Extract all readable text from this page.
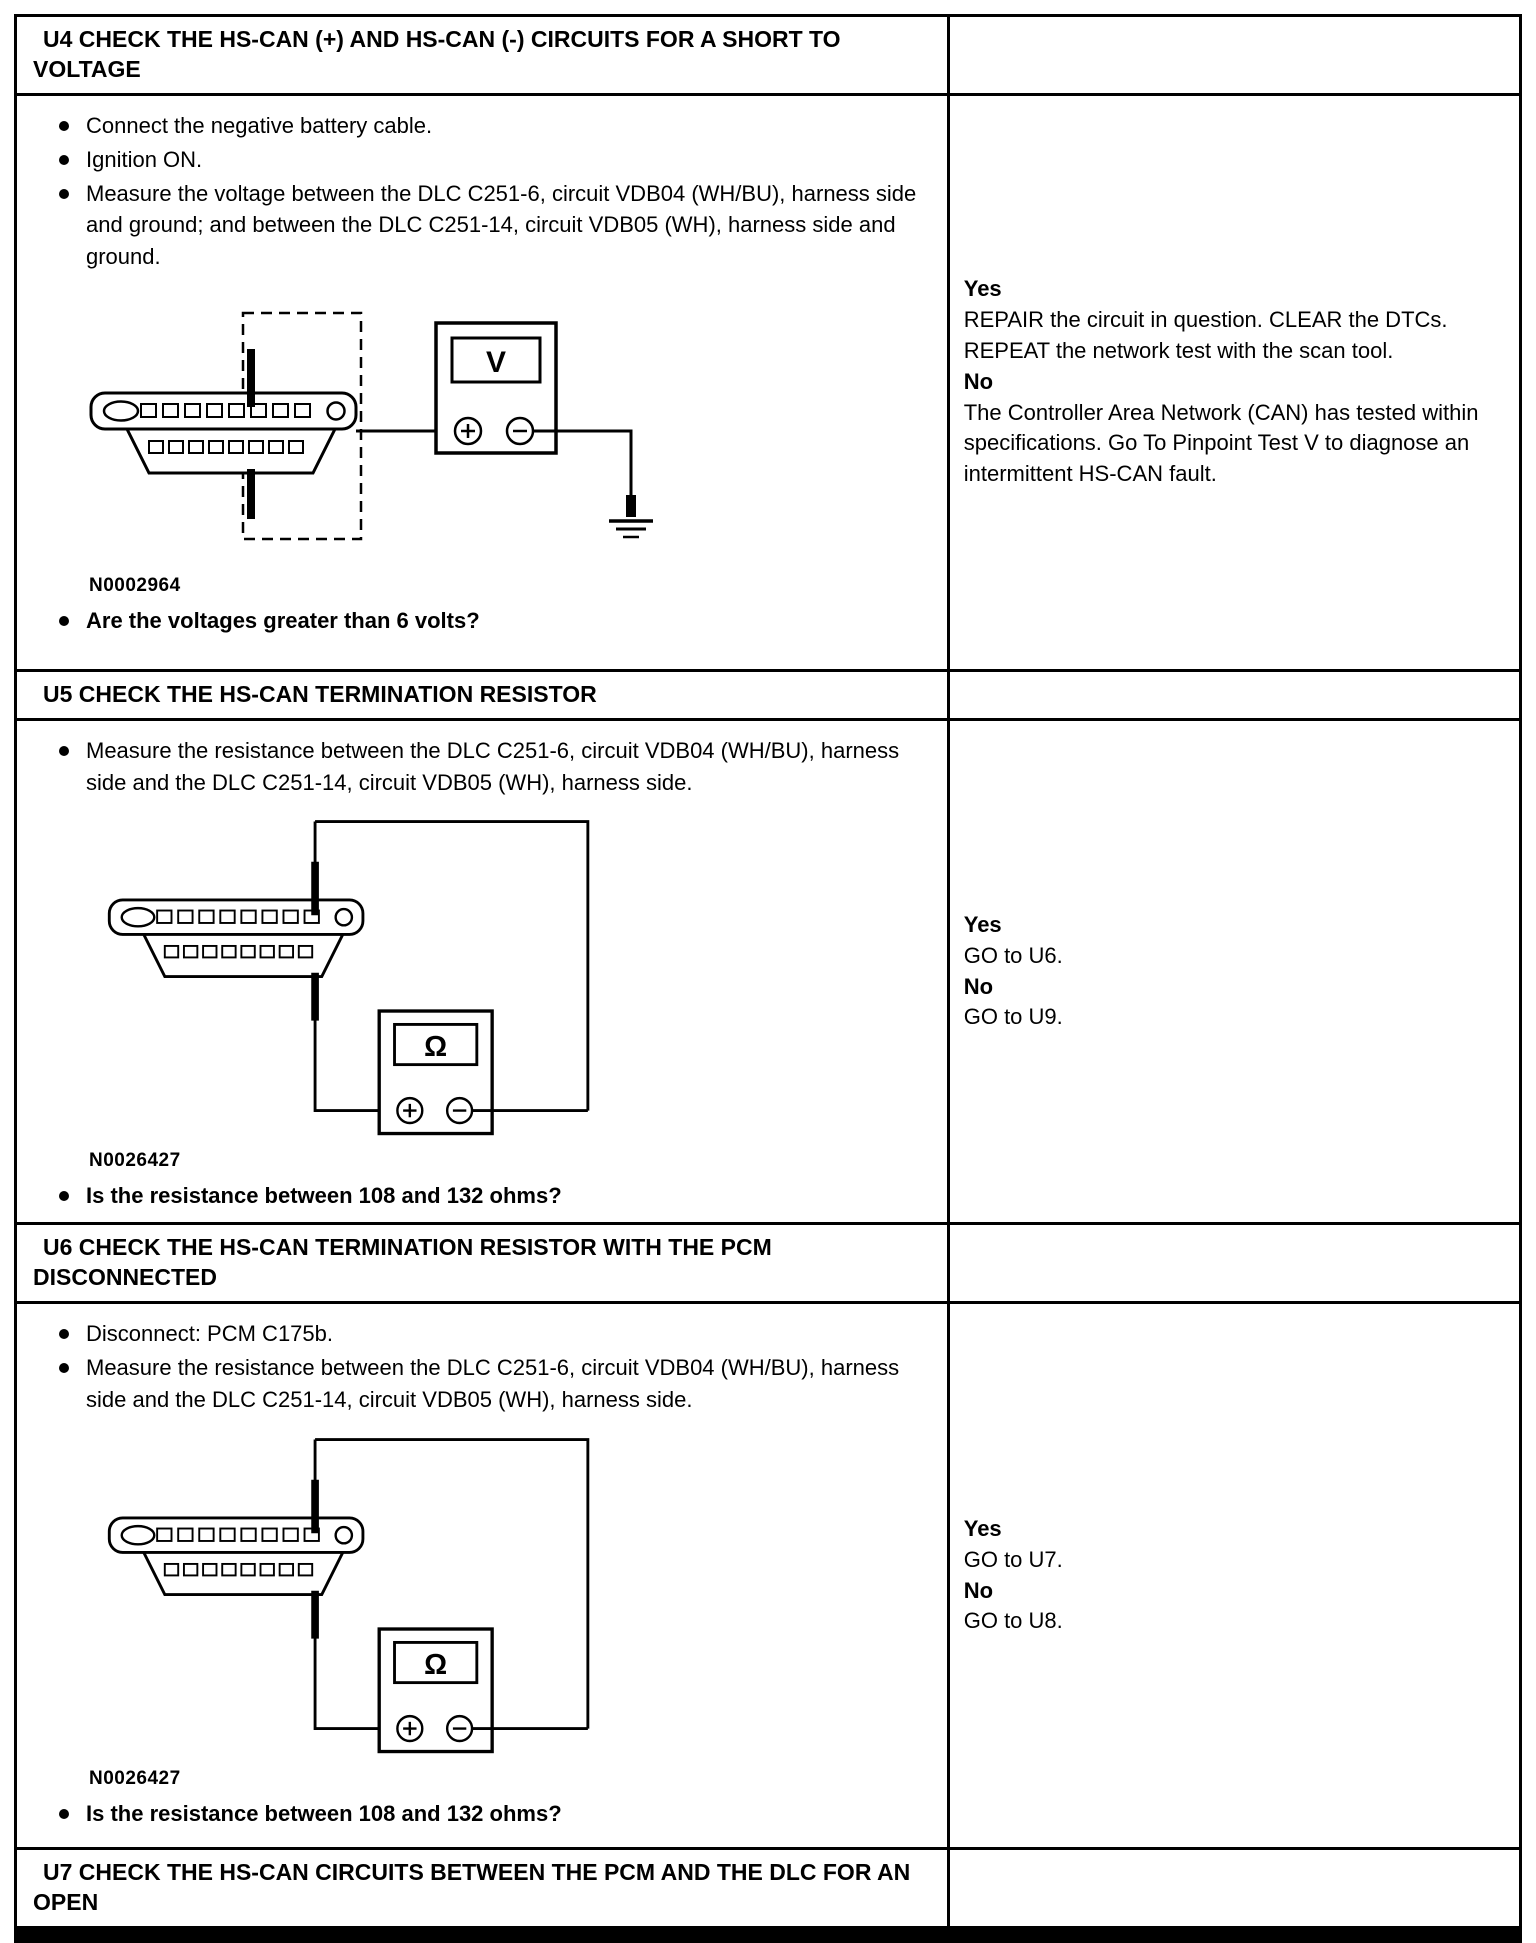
U4 CHECK THE HS-CAN (+) AND HS-CAN (-) CIRCUITS FOR A SHORT TO VOLTAGE
Connect the negative battery cable.
Ignition ON.
Measure the voltage between the DLC C251-6, circuit VDB04 (WH/BU), harness side and ground; and between the DLC C251-14, circuit VDB05 (WH), harness side and ground.
V
N0002964
Are the voltages greater than 6 volts?
Yes
REPAIR the circuit in question. CLEAR the DTCs. REPEAT the network test with the scan tool.
No
The Controller Area Network (CAN) has tested within specifications. Go To Pinpoint Test V to diagnose an intermittent HS-CAN fault.
U5 CHECK THE HS-CAN TERMINATION RESISTOR
Measure the resistance between the DLC C251-6, circuit VDB04 (WH/BU), harness side and the DLC C251-14, circuit VDB05 (WH), harness side.
Ω
N0026427
Is the resistance between 108 and 132 ohms?
Yes
GO to U6.
No
GO to U9.
U6 CHECK THE HS-CAN TERMINATION RESISTOR WITH THE PCM DISCONNECTED
Disconnect: PCM C175b.
Measure the resistance between the DLC C251-6, circuit VDB04 (WH/BU), harness side and the DLC C251-14, circuit VDB05 (WH), harness side.
Ω
N0026427
Is the resistance between 108 and 132 ohms?
Yes
GO to U7.
No
GO to U8.
U7 CHECK THE HS-CAN CIRCUITS BETWEEN THE PCM AND THE DLC FOR AN OPEN
